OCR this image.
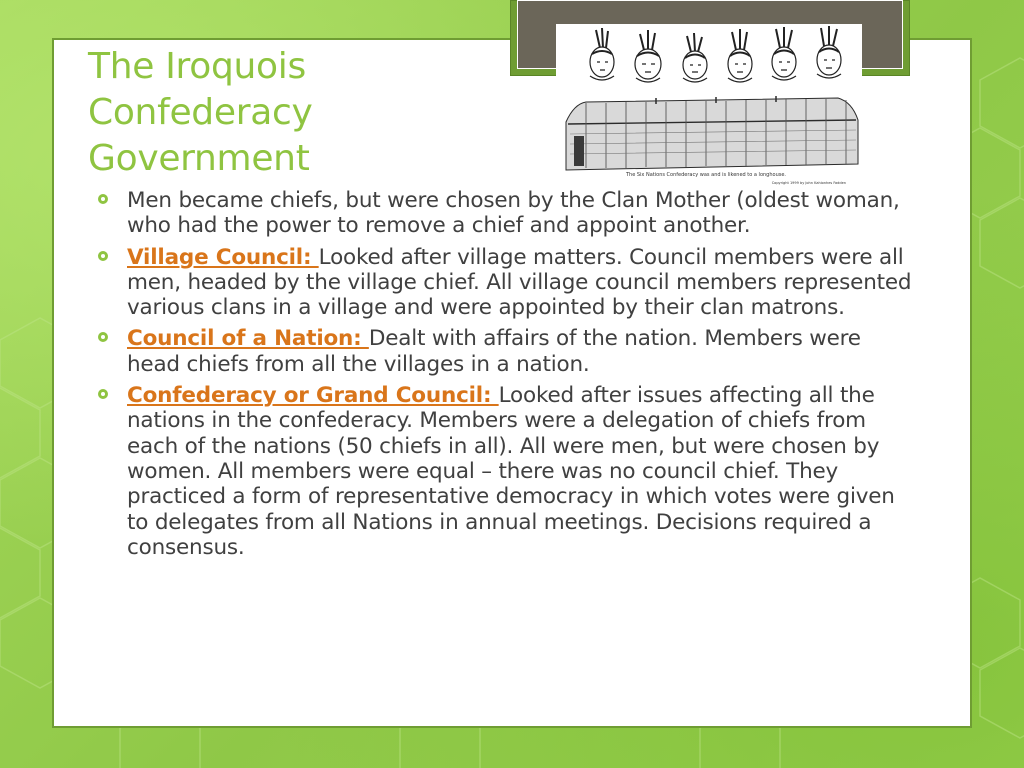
The Six Nations Confederacy was and is likened to a longhouse.
Copyright 1999 by John Kahionhes Fadden
The Iroquois
Confederacy
Government
Men became chiefs, but were chosen by the Clan Mother (oldest woman, who had the power to remove a chief and appoint another.
Village Council: Looked after village matters. Council members were all men, headed by the village chief. All village council members represented various clans in a village and were appointed by their clan matrons.
Council of a Nation: Dealt with affairs of the nation. Members were head chiefs from all the villages in a nation.
Confederacy or Grand Council: Looked after issues affecting all the nations in the confederacy. Members were a delegation of chiefs from each of the nations (50 chiefs in all). All were men, but were chosen by women. All members were equal – there was no council chief. They practiced a form of representative democracy in which votes were given to delegates from all Nations in annual meetings. Decisions required a consensus.
